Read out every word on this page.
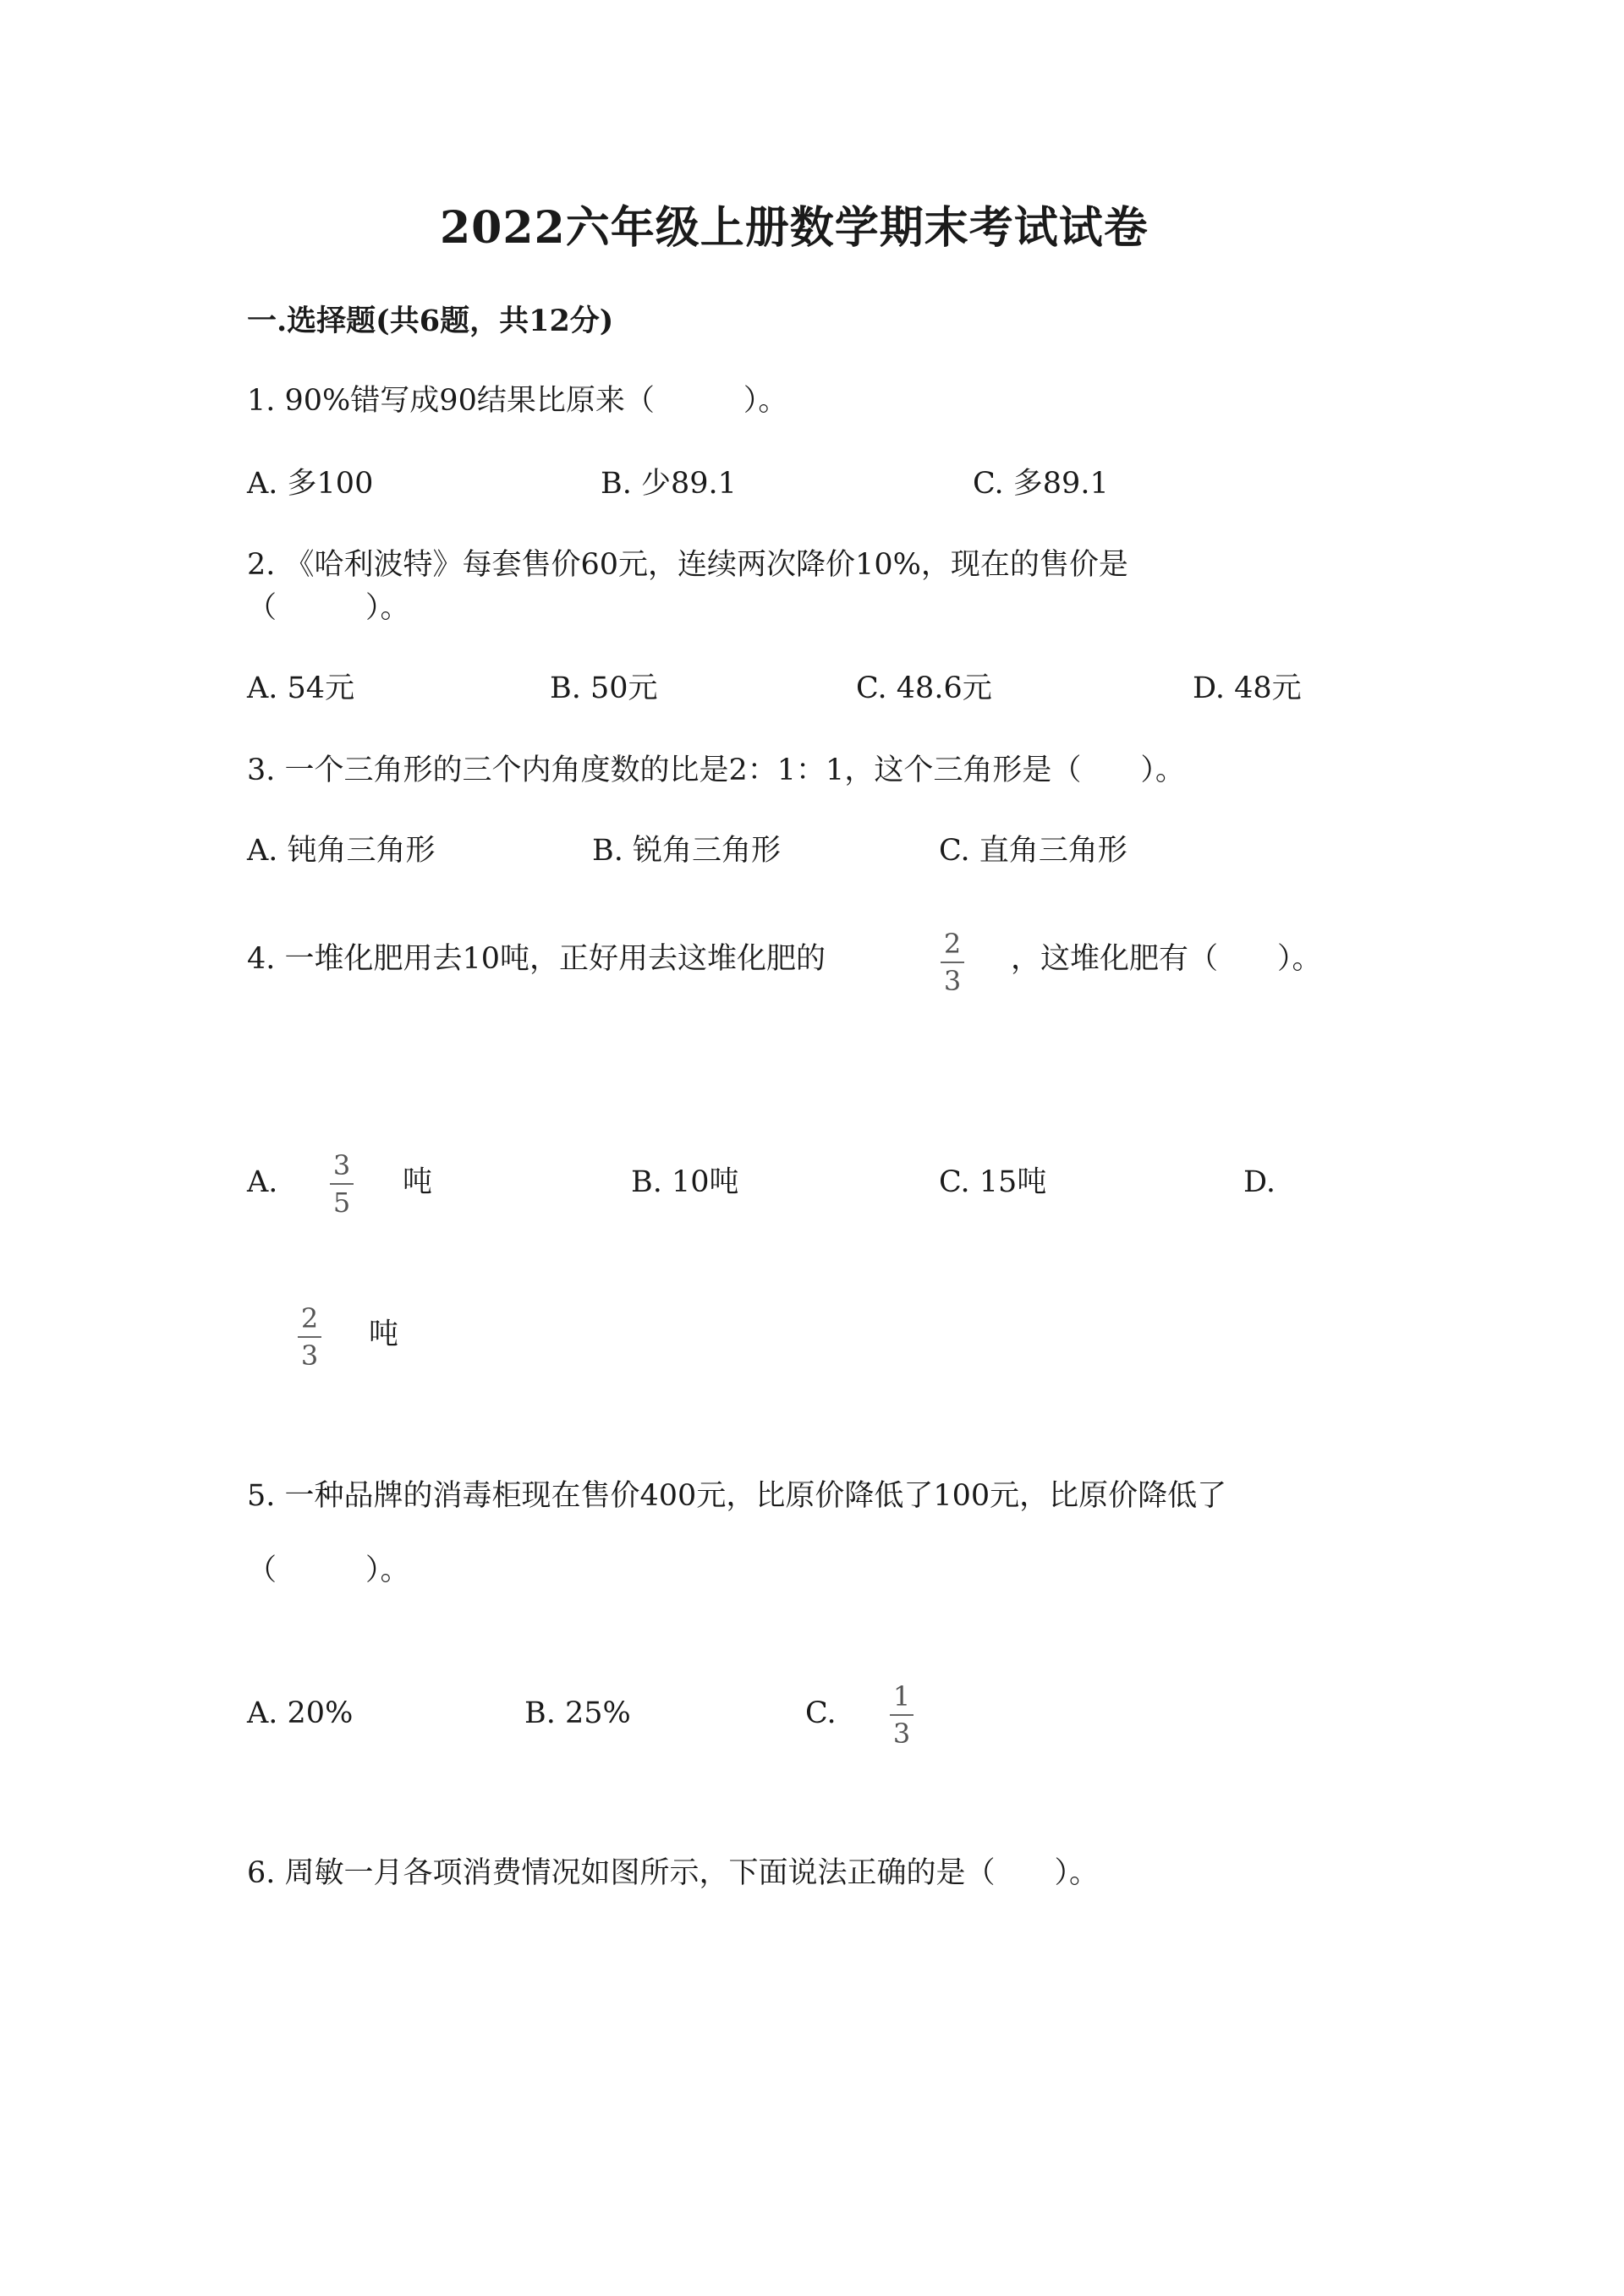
2022六年级上册数学期末考试试卷
一.选择题(共6题，共12分)
1. 90%错写成90结果比原来（　　　）。
A. 多100	B. 少89.1	C. 多89.1
2. 《哈利波特》每套售价60元，连续两次降价10%，现在的售价是
（　　　）。
A. 54元	B. 50元	C. 48.6元	D. 48元
3. 一个三角形的三个内角度数的比是2：1：1，这个三角形是（　　）。
A. 钝角三角形	B. 锐角三角形	C. 直角三角形
4. 一堆化肥用去10吨，正好用去这堆化肥的	2
3
，这堆化肥有（　　）。
A. 3
5
吨	B. 10吨	C. 15吨	D.
2
3
吨
5. 一种品牌的消毒柜现在售价400元，比原价降低了100元，比原价降低了
（　　　）。
A. 20%	B. 25%	C. 1
3
6. 周敏一月各项消费情况如图所示，下面说法正确的是（　　）。
